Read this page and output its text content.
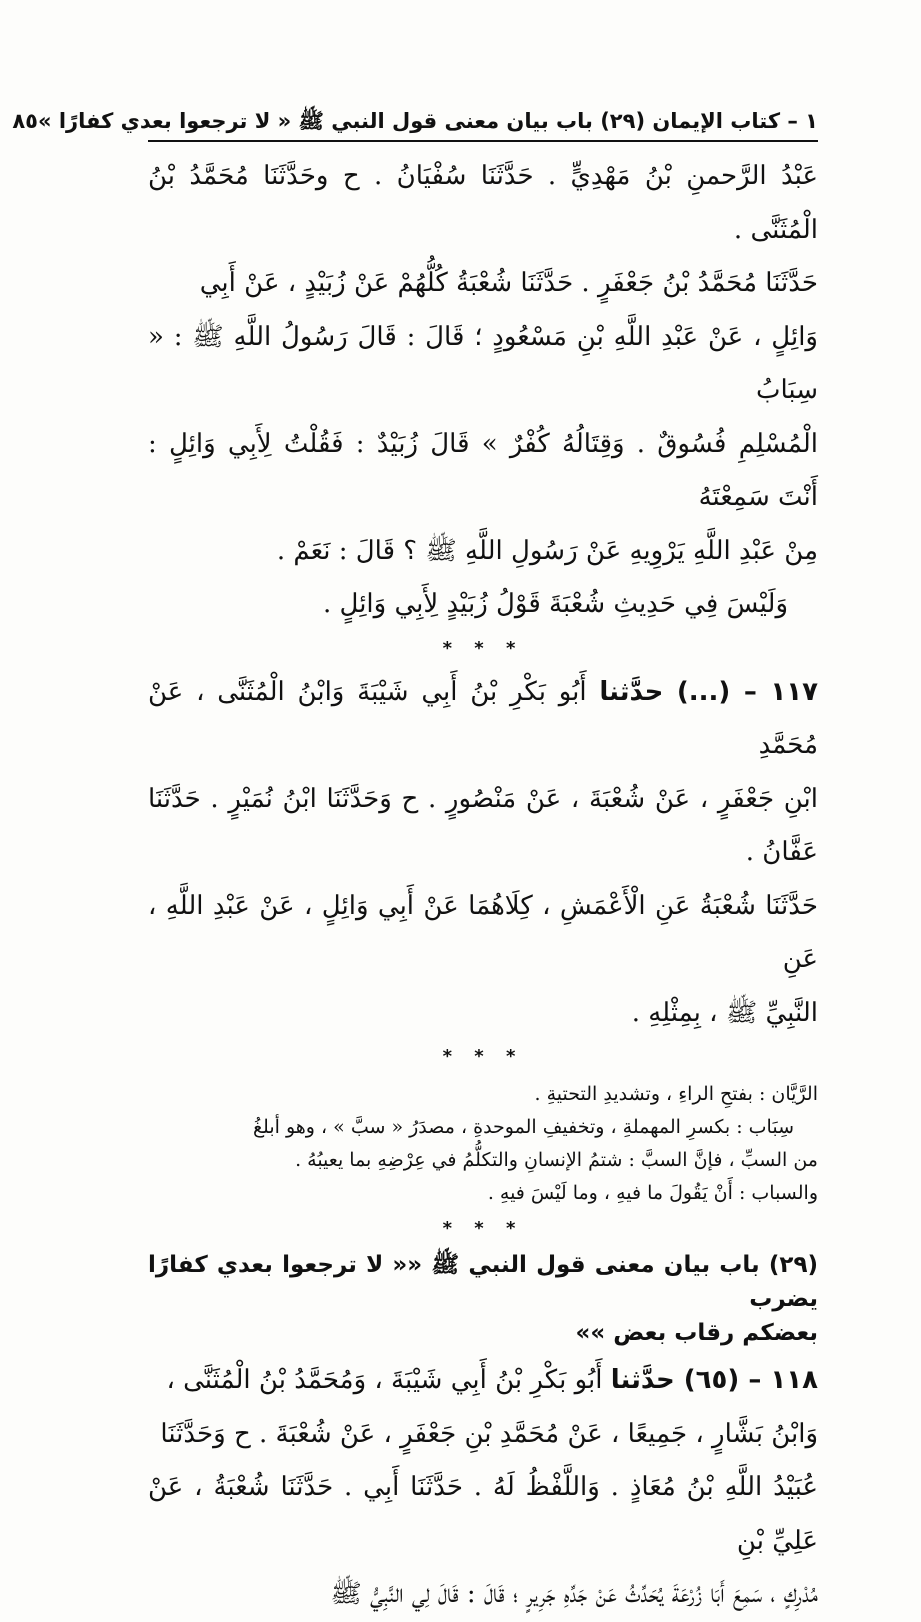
١ – كتاب الإيمان (٢٩) باب بيان معنى قول النبي ﷺ « لا ترجعوا بعدي كفارًا »
٨٥

عَبْدُ الرَّحمنِ بْنُ مَهْدِيٍّ . حَدَّثَنَا سُفْيَانُ . ح وحَدَّثَنَا مُحَمَّدُ بْنُ الْمُثَنَّى .

حَدَّثَنَا مُحَمَّدُ بْنُ جَعْفَرٍ . حَدَّثَنَا شُعْبَةُ كُلُّهُمْ عَنْ زُبَيْدٍ ، عَنْ أَبِي

وَائِلٍ ، عَنْ عَبْدِ اللَّهِ بْنِ مَسْعُودٍ ؛ قَالَ : قَالَ رَسُولُ اللَّهِ ﷺ : « سِبَابُ

الْمُسْلِمِ فُسُوقٌ . وَقِتَالُهُ كُفْرٌ » قَالَ زُبَيْدٌ : فَقُلْتُ لِأَبِي وَائِلٍ : أَنْتَ سَمِعْتَهُ

مِنْ عَبْدِ اللَّهِ يَرْوِيهِ عَنْ رَسُولِ اللَّهِ ﷺ ؟ قَالَ : نَعَمْ .

وَلَيْسَ فِي حَدِيثِ شُعْبَةَ قَوْلُ زُبَيْدٍ لِأَبِي وَائِلٍ .

* * *

١١٧ – (...) حدَّثنا أَبُو بَكْرِ بْنُ أَبِي شَيْبَةَ وَابْنُ الْمُثَنَّى ، عَنْ مُحَمَّدِ

ابْنِ جَعْفَرٍ ، عَنْ شُعْبَةَ ، عَنْ مَنْصُورٍ . ح وَحَدَّثَنَا ابْنُ نُمَيْرٍ . حَدَّثَنَا عَفَّانُ .

حَدَّثَنَا شُعْبَةُ عَنِ الْأَعْمَشِ ، كِلَاهُمَا عَنْ أَبِي وَائِلٍ ، عَنْ عَبْدِ اللَّهِ ، عَنِ

النَّبِيِّ ﷺ ، بِمِثْلِهِ .

* * *

الرَّيَّان : بفتحِ الراءِ ، وتشديدِ التحتيةِ .

سِبَاب : بكسرِ المهملةِ ، وتخفيفِ الموحدةِ ، مصدَرُ « سبَّ » ، وهو أبلغُ

من السبِّ ، فإنَّ السبَّ : شتمُ الإنسانِ والتكلُّمُ في عِرْضِهِ بما يعيبُهُ .

والسباب : أَنْ يَقُولَ ما فيهِ ، وما لَيْسَ فيهِ .

* * *
(٢٩) باب بيان معنى قول النبي ﷺ «« لا ترجعوا بعدي كفارًا يضرب
بعضكم رقاب بعض »»

١١٨ – (٦٥) حدَّثنا أَبُو بَكْرِ بْنُ أَبِي شَيْبَةَ ، وَمُحَمَّدُ بْنُ الْمُثَنَّى ،

وَابْنُ بَشَّارٍ ، جَمِيعًا ، عَنْ مُحَمَّدِ بْنِ جَعْفَرٍ ، عَنْ شُعْبَةَ . ح وَحَدَّثَنَا

عُبَيْدُ اللَّهِ بْنُ مُعَاذٍ . وَاللَّفْظُ لَهُ . حَدَّثَنَا أَبِي . حَدَّثَنَا شُعْبَةُ ، عَنْ عَلِيِّ بْنِ

مُدْرِكٍ ، سَمِعَ أَبَا زُرْعَةَ يُحَدِّثُ عَنْ جَدِّهِ جَرِيرٍ ؛ قَالَ : قَالَ لِي النَّبِيُّ ﷺ
